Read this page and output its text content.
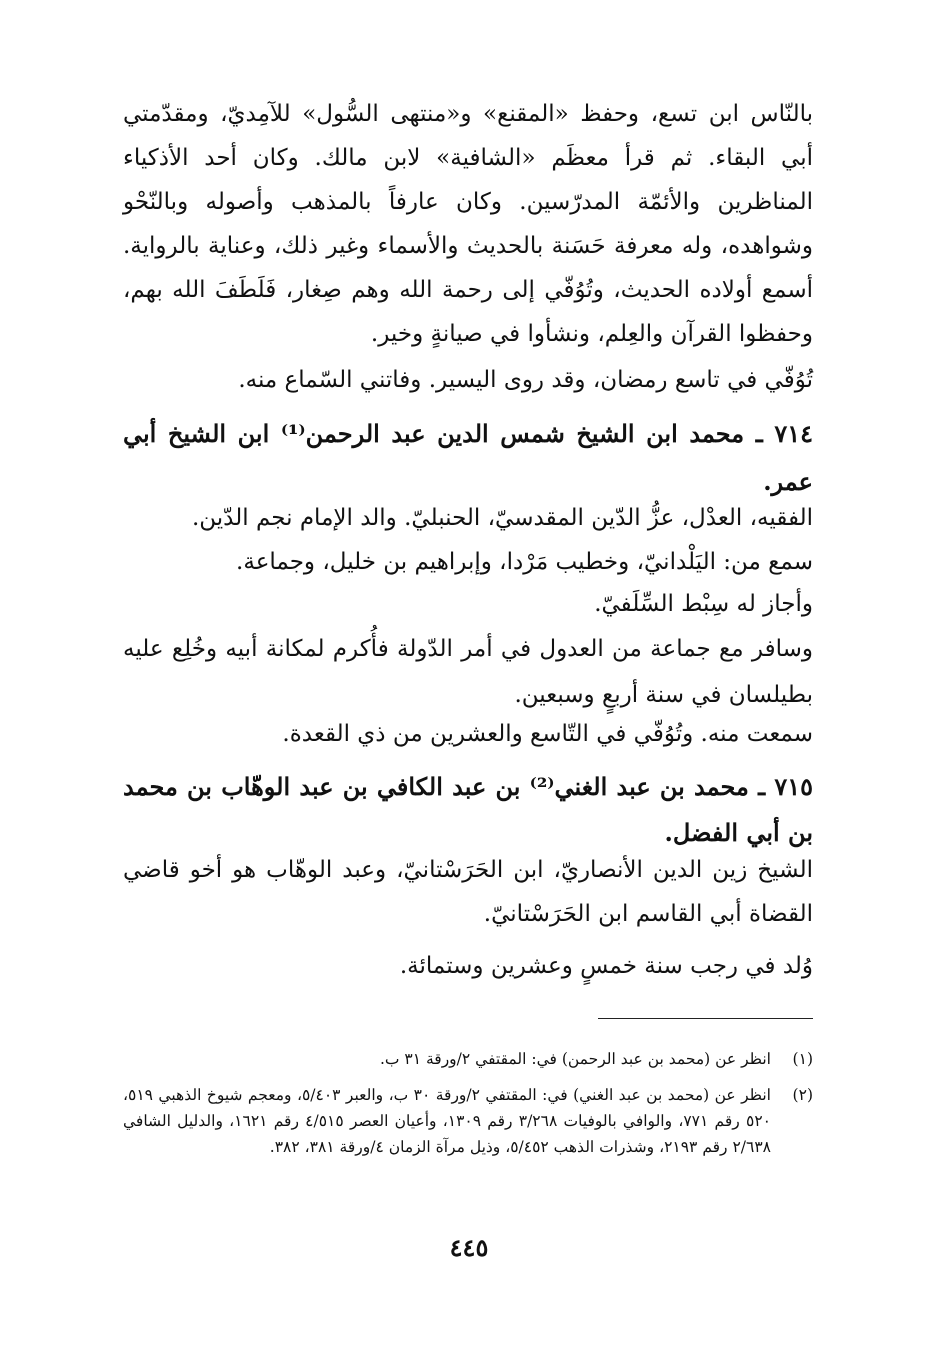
بالنّاس ابن تسع، وحفظ «المقنع» و«منتهى السُّول» للآمِديّ، ومقدّمتي أبي البقاء. ثم قرأ معظَم «الشافية» لابن مالك. وكان أحد الأذكياء المناظرين والأئمّة المدرّسين. وكان عارفاً بالمذهب وأصوله وبالنّحْو وشواهده، وله معرفة حَسَنة بالحديث والأسماء وغير ذلك، وعناية بالرواية. أسمع أولاده الحديث، وتُوُفّي إلى رحمة الله وهم صِغار، فَلَطَفَ الله بهم، وحفظوا القرآن والعِلم، ونشأوا في صيانةٍ وخير.
تُوُفّي في تاسع رمضان، وقد روى اليسير. وفاتني السّماع منه.
٧١٤ ـ محمد ابن الشيخ شمس الدين عبد الرحمن⁽¹⁾ ابن الشيخ أبي عمر.
الفقيه، العدْل، عزُّ الدّين المقدسيّ، الحنبليّ. والد الإمام نجم الدّين.
سمع من: اليَلْدانيّ، وخطيب مَرْدا، وإبراهيم بن خليل، وجماعة.
وأجاز له سِبْط السِّلَفيّ.
وسافر مع جماعة من العدول في أمر الدّولة فأُكرم لمكانة أبيه وخُلِع عليه بطيلسان في سنة أربعٍ وسبعين.
سمعت منه. وتُوُفّي في التّاسع والعشرين من ذي القعدة.
٧١٥ ـ محمد بن عبد الغني⁽²⁾ بن عبد الكافي بن عبد الوهّاب بن محمد بن أبي الفضل.
الشيخ زين الدين الأنصاريّ، ابن الحَرَسْتانيّ، وعبد الوهّاب هو أخو قاضي القضاة أبي القاسم ابن الحَرَسْتانيّ.
وُلد في رجب سنة خمسٍ وعشرين وستمائة.
(١)
انظر عن (محمد بن عبد الرحمن) في: المقتفي ٢/ورقة ٣١ ب.
(٢)
انظر عن (محمد بن عبد الغني) في: المقتفي ٢/ورقة ٣٠ ب، والعبر ٥/٤٠٣، ومعجم شيوخ الذهبي ٥١٩، ٥٢٠ رقم ٧٧١، والوافي بالوفيات ٣/٢٦٨ رقم ١٣٠٩، وأعيان العصر ٤/٥١٥ رقم ١٦٢١، والدليل الشافي ٢/٦٣٨ رقم ٢١٩٣، وشذرات الذهب ٥/٤٥٢، وذيل مرآة الزمان ٤/ورقة ٣٨١، ٣٨٢.
٤٤٥
